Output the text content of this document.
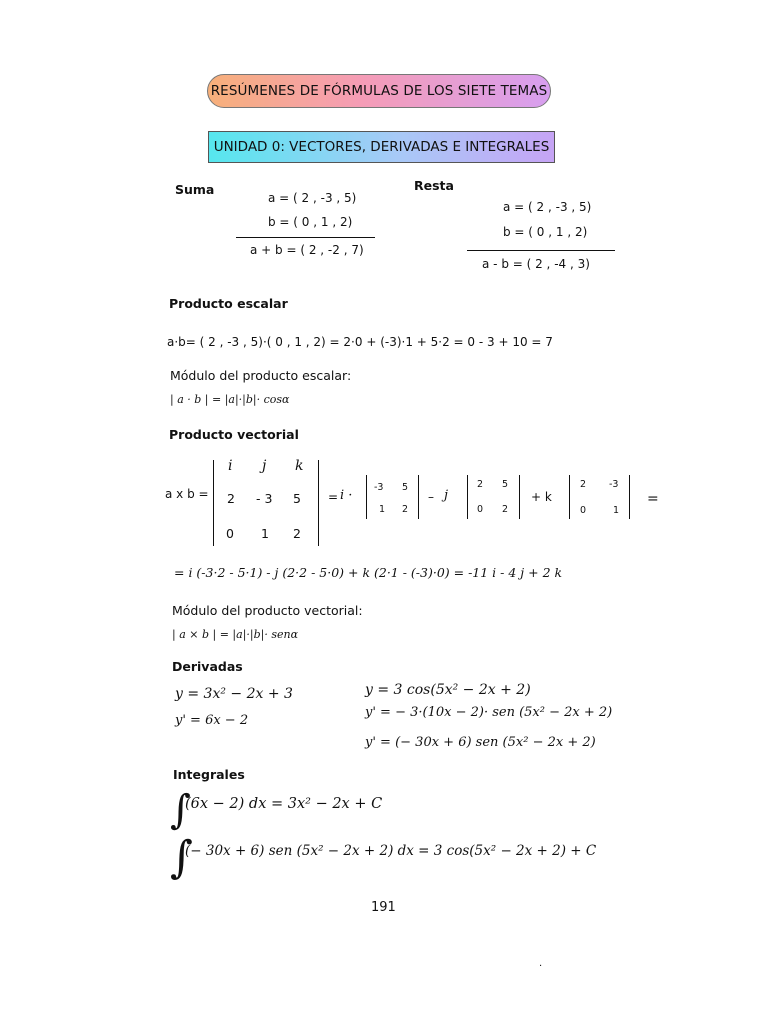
RESÚMENES DE FÓRMULAS DE LOS SIETE TEMAS
UNIDAD 0: VECTORES, DERIVADAS E INTEGRALES
Suma
a = ( 2 , -3 , 5)
b = ( 0 , 1 , 2)
a + b = ( 2 , -2 , 7)
Resta
a = ( 2 , -3 , 5)
b = ( 0 , 1 , 2)
a - b = ( 2 , -4 , 3)
Producto escalar
a·b= ( 2 , -3 , 5)·( 0 , 1 , 2) = 2·0 + (-3)·1 + 5·2 = 0 - 3 + 10 = 7
Módulo del producto escalar:
| a · b | = |a|·|b|· cosα
Producto vectorial
a x b =
i j k
2 - 3 5
0 1 2
= i ·
-3 5
1 2
– j
2 5
0 2
+ k
2 -3
0	1
=
= i (-3·2 - 5·1) - j (2·2 - 5·0) + k (2·1 - (-3)·0) = -11 i - 4 j + 2 k
Módulo del producto vectorial:
| a × b | = |a|·|b|· senα
Derivadas
y = 3x² − 2x + 3
y' = 6x − 2
y = 3 cos(5x² − 2x + 2)
y' = − 3·(10x − 2)· sen (5x² − 2x + 2)
y' = (− 30x + 6) sen (5x² − 2x + 2)
Integrales
∫
(6x − 2) dx = 3x² − 2x + C
∫
(− 30x + 6) sen (5x² − 2x + 2) dx = 3 cos(5x² − 2x + 2) + C
191
.
